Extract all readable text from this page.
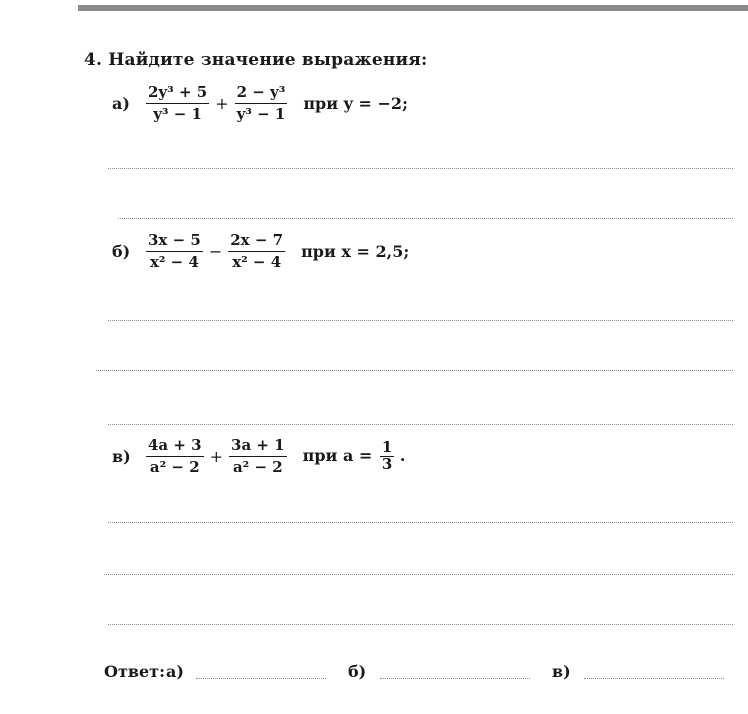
4. Найдите значение выражения:
$а) \frac{\text{2y³ + 5}}{\text{y³ − 1}} + \frac{\text{2 − y³}}{\text{y³ − 1}}$ при y = −2;
$б) \frac{3x - 5}{\text{x² − 4}} - \frac{2x - 7}{\text{x² − 4}}$ при x = 2,5;
$в) \frac{4a + 3}{\text{a² − 2}} + \frac{3a + 1}{\text{a² − 2}}$ при $a = \frac{1}{3}$ .
Ответ: а)	б)	в)
